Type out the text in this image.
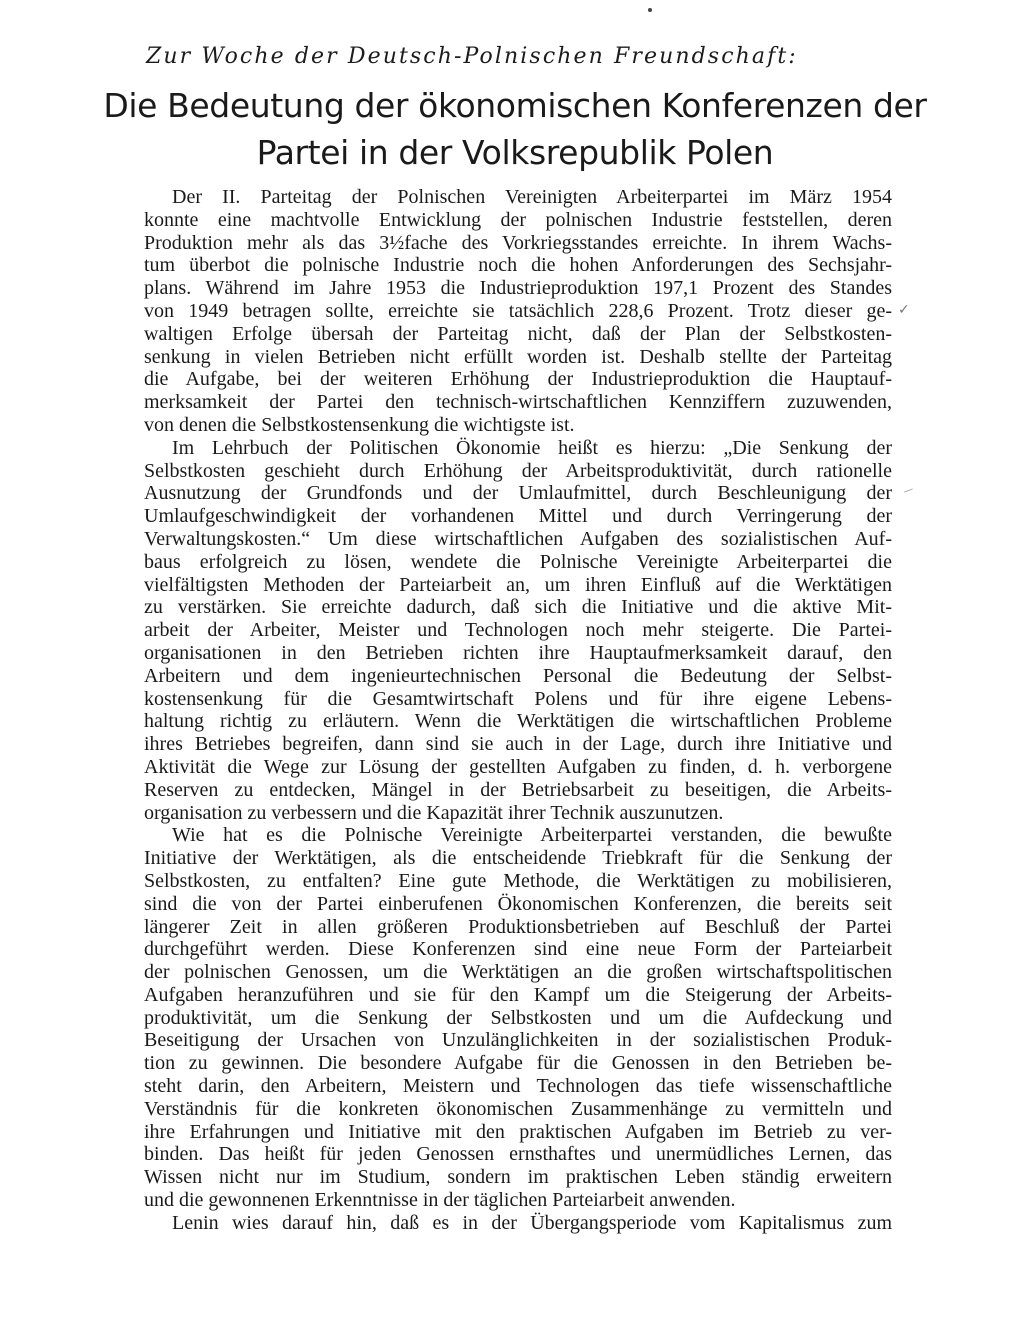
Zur Woche der Deutsch-Polnischen Freundschaft:
Die Bedeutung der ökonomischen Konferenzen der
Partei in der Volksrepublik Polen

Der II. Parteitag der Polnischen Vereinigten Arbeiterpartei im März 1954
konnte eine machtvolle Entwicklung der polnischen Industrie feststellen, deren
Produktion mehr als das 3½fache des Vorkriegsstandes erreichte. In ihrem Wachs-
tum überbot die polnische Industrie noch die hohen Anforderungen des Sechsjahr-
plans. Während im Jahre 1953 die Industrieproduktion 197,1 Prozent des Standes
von 1949 betragen sollte, erreichte sie tatsächlich 228,6 Prozent. Trotz dieser ge-
waltigen Erfolge übersah der Parteitag nicht, daß der Plan der Selbstkosten-
senkung in vielen Betrieben nicht erfüllt worden ist. Deshalb stellte der Parteitag
die Aufgabe, bei der weiteren Erhöhung der Industrieproduktion die Hauptauf-
merksamkeit der Partei den technisch-wirtschaftlichen Kennziffern zuzuwenden,
von denen die Selbstkostensenkung die wichtigste ist.

Im Lehrbuch der Politischen Ökonomie heißt es hierzu: „Die Senkung der
Selbstkosten geschieht durch Erhöhung der Arbeitsproduktivität, durch rationelle
Ausnutzung der Grundfonds und der Umlaufmittel, durch Beschleunigung der
Umlaufgeschwindigkeit der vorhandenen Mittel und durch Verringerung der
Verwaltungskosten.“ Um diese wirtschaftlichen Aufgaben des sozialistischen Auf-
baus erfolgreich zu lösen, wendete die Polnische Vereinigte Arbeiterpartei die
vielfältigsten Methoden der Parteiarbeit an, um ihren Einfluß auf die Werktätigen
zu verstärken. Sie erreichte dadurch, daß sich die Initiative und die aktive Mit-
arbeit der Arbeiter, Meister und Technologen noch mehr steigerte. Die Partei-
organisationen in den Betrieben richten ihre Hauptaufmerksamkeit darauf, den
Arbeitern und dem ingenieurtechnischen Personal die Bedeutung der Selbst-
kostensenkung für die Gesamtwirtschaft Polens und für ihre eigene Lebens-
haltung richtig zu erläutern. Wenn die Werktätigen die wirtschaftlichen Probleme
ihres Betriebes begreifen, dann sind sie auch in der Lage, durch ihre Initiative und
Aktivität die Wege zur Lösung der gestellten Aufgaben zu finden, d. h. verborgene
Reserven zu entdecken, Mängel in der Betriebsarbeit zu beseitigen, die Arbeits-
organisation zu verbessern und die Kapazität ihrer Technik auszunutzen.

Wie hat es die Polnische Vereinigte Arbeiterpartei verstanden, die bewußte
Initiative der Werktätigen, als die entscheidende Triebkraft für die Senkung der
Selbstkosten, zu entfalten? Eine gute Methode, die Werktätigen zu mobilisieren,
sind die von der Partei einberufenen Ökonomischen Konferenzen, die bereits seit
längerer Zeit in allen größeren Produktionsbetrieben auf Beschluß der Partei
durchgeführt werden. Diese Konferenzen sind eine neue Form der Parteiarbeit
der polnischen Genossen, um die Werktätigen an die großen wirtschaftspolitischen
Aufgaben heranzuführen und sie für den Kampf um die Steigerung der Arbeits-
produktivität, um die Senkung der Selbstkosten und um die Aufdeckung und
Beseitigung der Ursachen von Unzulänglichkeiten in der sozialistischen Produk-
tion zu gewinnen. Die besondere Aufgabe für die Genossen in den Betrieben be-
steht darin, den Arbeitern, Meistern und Technologen das tiefe wissenschaftliche
Verständnis für die konkreten ökonomischen Zusammenhänge zu vermitteln und
ihre Erfahrungen und Initiative mit den praktischen Aufgaben im Betrieb zu ver-
binden. Das heißt für jeden Genossen ernsthaftes und unermüdliches Lernen, das
Wissen nicht nur im Studium, sondern im praktischen Leben ständig erweitern
und die gewonnenen Erkenntnisse in der täglichen Parteiarbeit anwenden.

Lenin wies darauf hin, daß es in der Übergangsperiode vom Kapitalismus zum

✓
